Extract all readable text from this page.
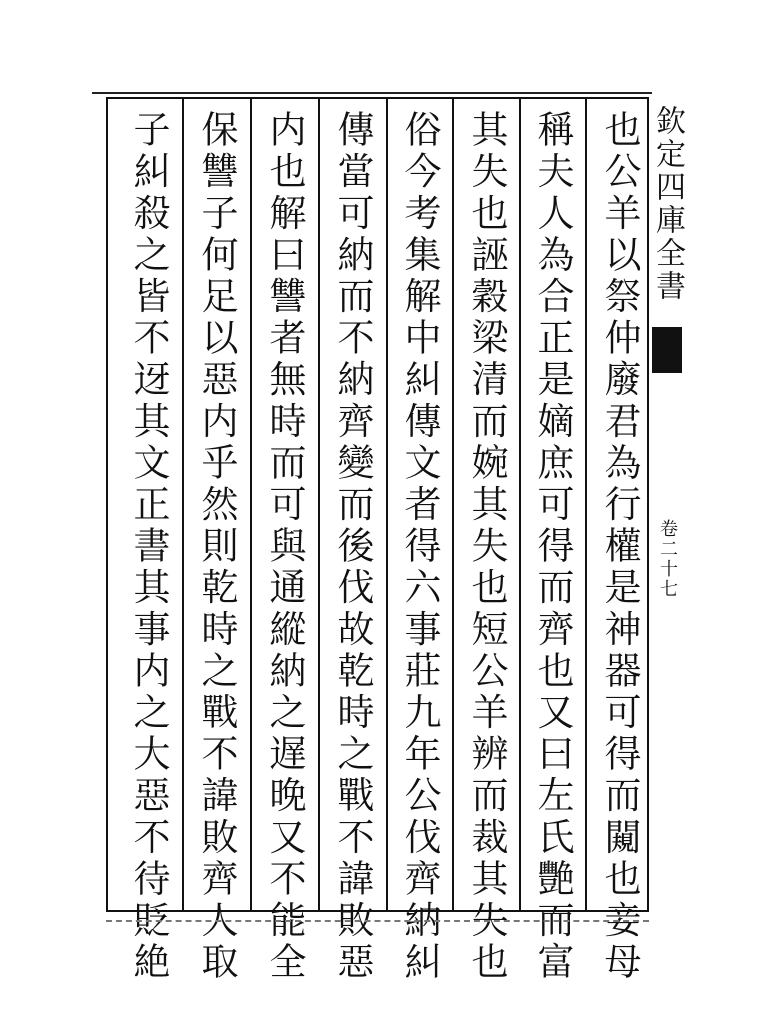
欽定四庫全書
卷二十七
也公羊以祭仲廢君為行權是神器可得而闚也妾母
稱夫人為合正是嫡庶可得而齊也又曰左氏艷而富
其失也誣穀梁清而婉其失也短公羊辨而裁其失也
俗今考集解中糾傳文者得六事莊九年公伐齊納糾
傳當可納而不納齊變而後伐故乾時之戰不諱敗惡
内也解曰讐者無時而可與通縱納之遅晚又不能全
保讐子何足以惡内乎然則乾時之戰不諱敗齊人取
子糾殺之皆不迓其文正書其事内之大惡不待貶絶
